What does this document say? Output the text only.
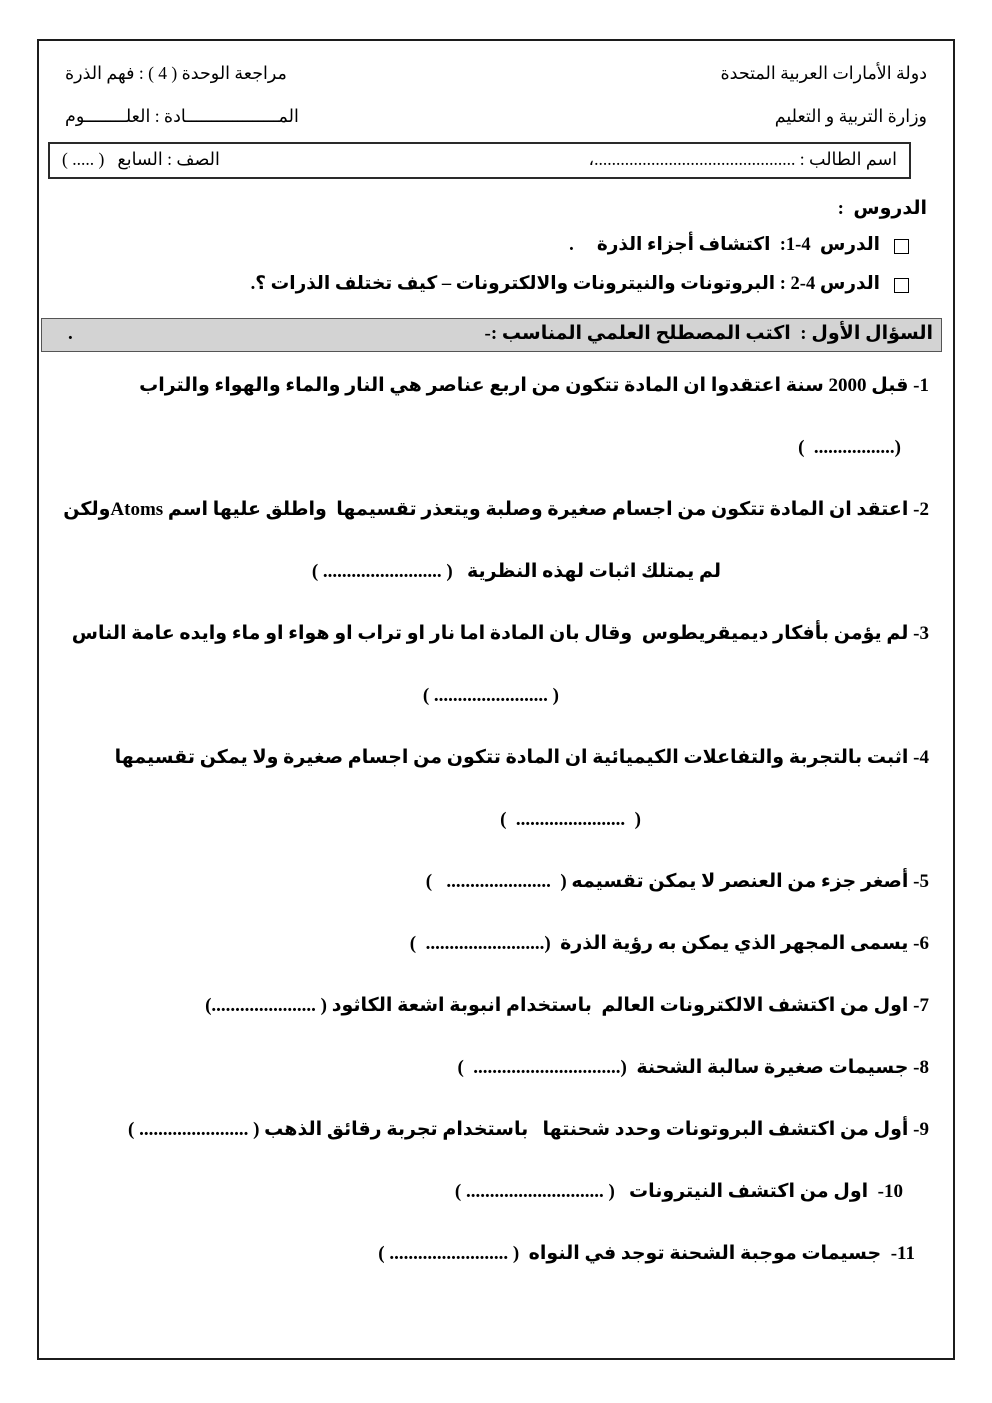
دولة الأمارات العربية المتحدة
وزارة التربية و التعليم
مراجعة الوحدة ( 4 ) : فهم الذرة
المــــــــــــــــــادة : العلــــــــوم
اسم الطالب : ..............................................،
الصف : السابع   ( ..... )
الدروس  :
الدرس  4-1:  اكتشاف أجزاء الذرة     .
الدرس 4-2 : البروتونات والنيترونات والالكترونات – كيف تختلف الذرات ؟.
السؤال الأول :  اكتب المصطلح العلمي المناسب :-
.
1- قبل 2000 سنة اعتقدوا ان المادة تتكون من اربع عناصر هي النار والماء والهواء والتراب
(.................  )
2- اعتقد ان المادة تتكون من اجسام صغيرة وصلبة ويتعذر تقسيمها  واطلق عليها اسم Atomsولكن
لم يمتلك اثبات لهذه النظرية   ( ......................... )
3- لم يؤمن بأفكار ديميقريطوس  وقال بان المادة اما نار او تراب او هواء او ماء وايده عامة الناس
( ........................ )
4- اثبت بالتجربة والتفاعلات الكيميائية ان المادة تتكون من اجسام صغيرة ولا يمكن تقسيمها
(  .......................  )
5- أصغر جزء من العنصر لا يمكن تقسيمه (  ......................   )
6- يسمى المجهر الذي يمكن به رؤية الذرة  (.........................  )
7- اول من اكتشف الالكترونات العالم  باستخدام انبوبة اشعة الكاثود ( ......................)
8- جسيمات صغيرة سالبة الشحنة  (...............................  )
9- أول من اكتشف البروتونات وحدد شحنتها   باستخدام تجربة رقائق الذهب ( ....................... )
10-  اول من اكتشف النيترونات   ( ............................. )
11-  جسيمات موجبة الشحنة توجد في النواه  ( ......................... )
